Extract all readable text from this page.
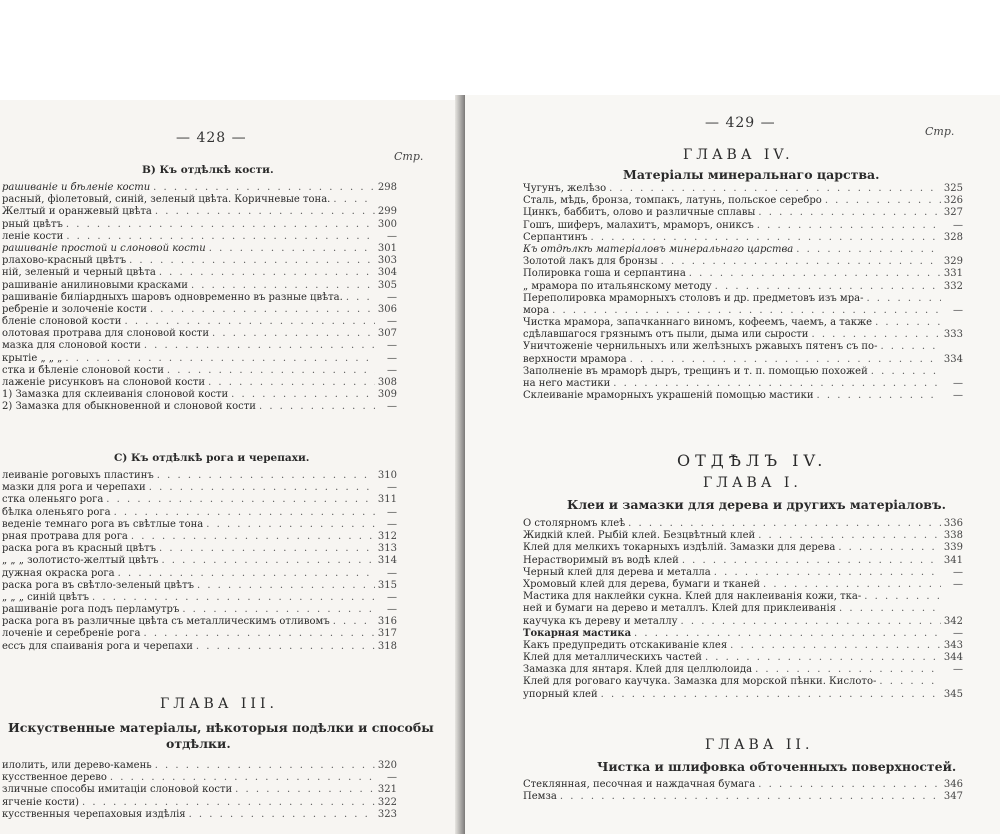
— 428 —
Стр.
В) Къ отдѣлкѣ кости.
рашиванiе и бѣленiе кости . . .	298
расный, фiолетовый, синiй, зеленый цвѣта. Коричневые тона.
. . .
Желтый и оранжевый цвѣта . . .	299
рный цвѣтъ . . .	300
ленiе кости . . .	—
рашиванiе простой и слоновой кости . . .	301
рлахово-красный цвѣтъ . . .	303
нiй, зеленый и черный цвѣта . . .	304
рашиванiе анилиновыми красками . . .	305
рашиванiе билiардныхъ шаровъ одновременно въ разные цвѣта. . . .	—
ребренiе и золоченiе кости . . .	306
бленiе слоновой кости . . .	—
олотовая протрава для слоновой кости . . .	307
мазка для слоновой кости . . .	—
крытiе „ „ „ . . .	—
стка и бѣленiе слоновой кости . . .	—
лаженiе рисунковъ на слоновой кости . . .	308
1) Замазка для склеиванiя слоновой кости . . .	309
2) Замазка для обыкновенной и слоновой кости . . .	—
С) Къ отдѣлкѣ рога и черепахи.
леиванiе роговыхъ пластинъ . . .	310
мазки для рога и черепахи . . .	—
стка оленьяго рога . . .	311
бѣлка оленьяго рога . . .	—
веденiе темнаго рога въ свѣтлые тона . . .	—
рная протрава для рога . . .	312
раска рога въ красный цвѣтъ . . .	313
„ „ „ золотисто-желтый цвѣтъ . . .	314
дужная окраска рога . . .	—
раска рога въ свѣтло-зеленый цвѣтъ . . .	315
„ „ „ синiй цвѣтъ . . .	—
рашиванiе рога подъ перламутръ . . .	—
раска рога въ различные цвѣта съ металлическимъ отливомъ . . .	316
лоченiе и серебренiе рога . . .	317
ессъ для спаиванiя рога и черепахи . . .	318
ГЛАВА III.
Искуственные матерiалы, нѣкоторыя подѣлки и способы
отдѣлки.
илолить, или дерево-камень . . .	320
кусственное дерево . . .	—
зличные способы имитацiи слоновой кости . . .	321
ягченiе кости) . . .	322
кусственныя черепаховыя издѣлiя . . .	323
— 429 —
Стр.
ГЛАВА IV.
Матерiалы минеральнаго царства.
Чугунъ, желѣзо . . .	325
Сталь, мѣдь, бронза, томпакъ, латунь, польское серебро . . .	326
Цинкъ, баббитъ, олово и различные сплавы . . .	327
Гошъ, шиферъ, малахитъ, мраморъ, ониксъ . . .	—
Серпантинъ . . .	328
Къ отдѣлкѣ матерiаловъ минеральнаго царства
. . .
Золотой лакъ для бронзы . . .	329
Полировка гоша и серпантина . . .	331
„ мрамора по итальянскому методу . . .	332
Переполировка мраморныхъ столовъ и др. предметовъ изъ мра-
. . .
мора . . .	—
Чистка мрамора, запачканнаго виномъ, кофеемъ, чаемъ, а также
. . .
сдѣлавшагося грязнымъ отъ пыли, дыма или сырости . . .	333
Уничтоженiе чернильныхъ или желѣзныхъ ржавыхъ пятенъ съ по-
. . .
верхности мрамора . . .	334
Заполненiе въ мраморѣ дыръ, трещинъ и т. п. помощью похожей
. . .
на него мастики . . .	—
Склеиванiе мраморныхъ украшенiй помощью мастики . . .	—
ОТДѢЛЪ IV.
ГЛАВА I.
Клеи и замазки для дерева и другихъ матерiаловъ.
О столярномъ клеѣ . . .	336
Жидкiй клей. Рыбiй клей. Безцвѣтный клей . . .	338
Клей для мелкихъ токарныхъ издѣлiй. Замазки для дерева . . .	339
Нерастворимый въ водѣ клей . . .	341
Черный клей для дерева и металла . . .	—
Хромовый клей для дерева, бумаги и тканей . . .	—
Мастика для наклейки сукна. Клей для наклеиванiя кожи, тка-
. . .
ней и бумаги на дерево и металлъ. Клей для приклеиванiя
. . .
каучука къ дереву и металлу . . .	342
Токарная мастика . . .	—
Какъ предупредить отскакиванiе клея . . .	343
Клей для металлическихъ частей . . .	344
Замазка для янтаря. Клей для целлюлоида . . .	—
Клей для роговаго каучука. Замазка для морской пѣнки. Кислото-
. . .
упорный клей . . .	345
ГЛАВА II.
Чистка и шлифовка обточенныхъ поверхностей.
Стеклянная, песочная и наждачная бумага . . .	346
Пемза . . .	347
